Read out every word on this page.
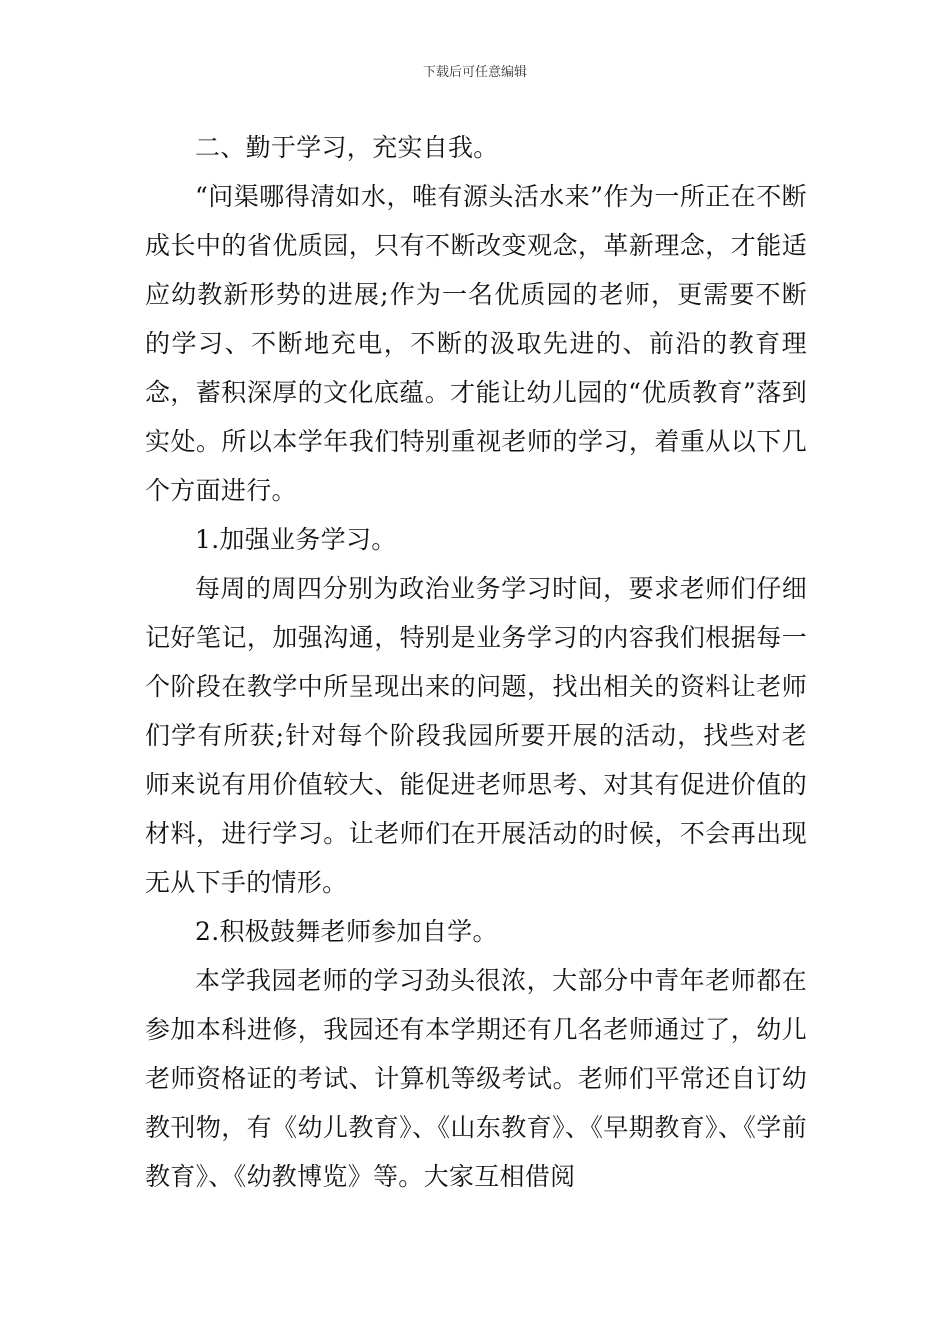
下载后可任意编辑

二、勤于学习，充实自我。

“问渠哪得清如水，唯有源头活水来”作为一所正在不断成长中的省优质园，只有不断改变观念，革新理念，才能适应幼教新形势的进展;作为一名优质园的老师，更需要不断的学习、不断地充电，不断的汲取先进的、前沿的教育理念，蓄积深厚的文化底蕴。才能让幼儿园的“优质教育”落到实处。所以本学年我们特别重视老师的学习，着重从以下几个方面进行。

1.加强业务学习。

每周的周四分别为政治业务学习时间，要求老师们仔细记好笔记，加强沟通，特别是业务学习的内容我们根据每一个阶段在教学中所呈现出来的问题，找出相关的资料让老师们学有所获;针对每个阶段我园所要开展的活动，找些对老师来说有用价值较大、能促进老师思考、对其有促进价值的材料，进行学习。让老师们在开展活动的时候，不会再出现无从下手的情形。

2.积极鼓舞老师参加自学。

本学我园老师的学习劲头很浓，大部分中青年老师都在参加本科进修，我园还有本学期还有几名老师通过了，幼儿老师资格证的考试、计算机等级考试。老师们平常还自订幼教刊物，有《幼儿教育》、《山东教育》、《早期教育》、《学前教育》、《幼教博览》等。大家互相借阅
